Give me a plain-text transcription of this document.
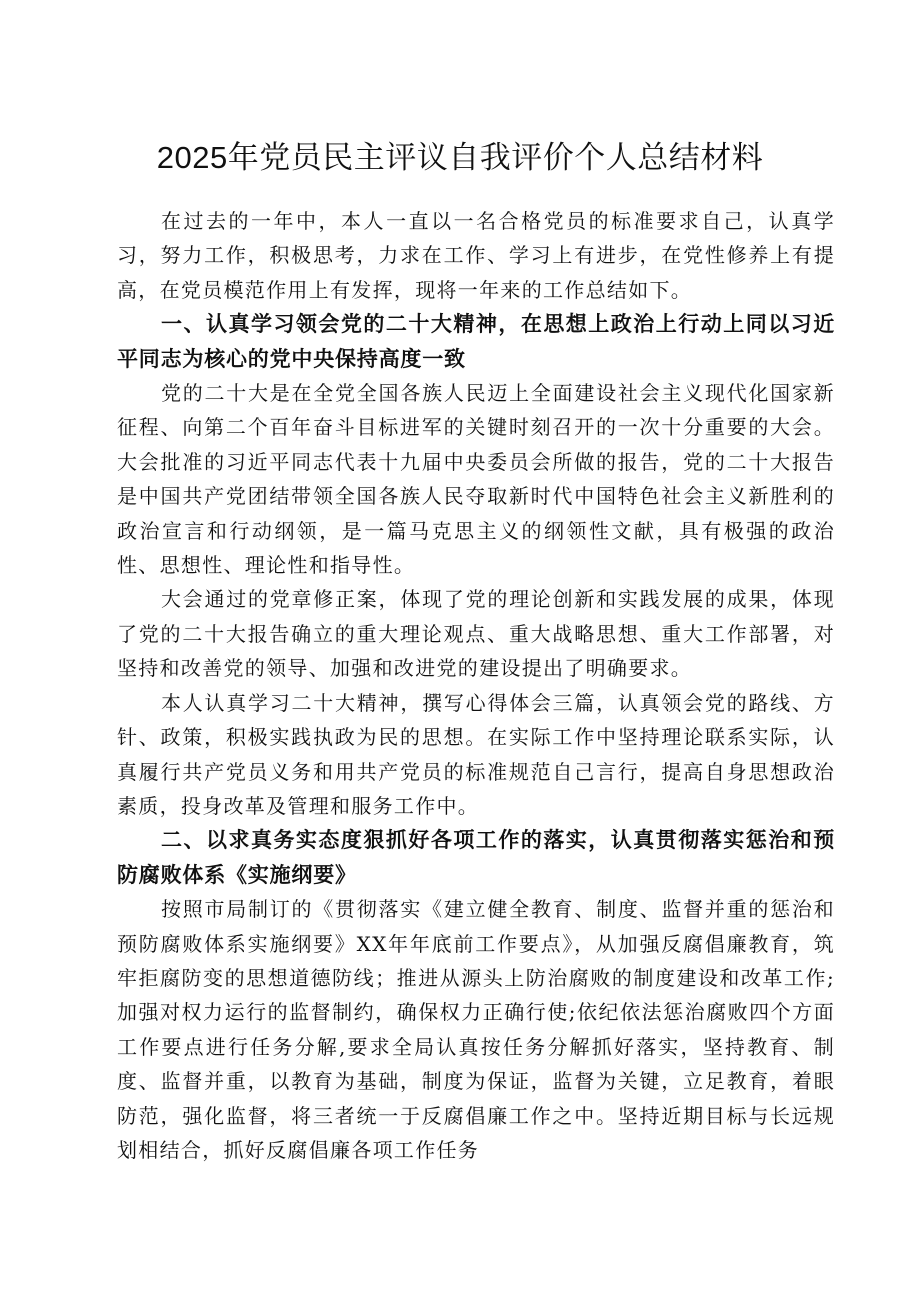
2025年党员民主评议自我评价个人总结材料

在过去的一年中，本人一直以一名合格党员的标准要求自己，认真学习，努力工作，积极思考，力求在工作、学习上有进步，在党性修养上有提高，在党员模范作用上有发挥，现将一年来的工作总结如下。

一、认真学习领会党的二十大精神，在思想上政治上行动上同以习近平同志为核心的党中央保持高度一致

党的二十大是在全党全国各族人民迈上全面建设社会主义现代化国家新征程、向第二个百年奋斗目标进军的关键时刻召开的一次十分重要的大会。大会批准的习近平同志代表十九届中央委员会所做的报告，党的二十大报告是中国共产党团结带领全国各族人民夺取新时代中国特色社会主义新胜利的政治宣言和行动纲领，是一篇马克思主义的纲领性文献，具有极强的政治性、思想性、理论性和指导性。

大会通过的党章修正案，体现了党的理论创新和实践发展的成果，体现了党的二十大报告确立的重大理论观点、重大战略思想、重大工作部署，对坚持和改善党的领导、加强和改进党的建设提出了明确要求。

本人认真学习二十大精神，撰写心得体会三篇，认真领会党的路线、方针、政策，积极实践执政为民的思想。在实际工作中坚持理论联系实际，认真履行共产党员义务和用共产党员的标准规范自己言行，提高自身思想政治素质，投身改革及管理和服务工作中。

二、以求真务实态度狠抓好各项工作的落实，认真贯彻落实惩治和预防腐败体系《实施纲要》

按照市局制订的《贯彻落实《建立健全教育、制度、监督并重的惩治和预防腐败体系实施纲要》XX年年底前工作要点》，从加强反腐倡廉教育，筑牢拒腐防变的思想道德防线；推进从源头上防治腐败的制度建设和改革工作;加强对权力运行的监督制约，确保权力正确行使;依纪依法惩治腐败四个方面工作要点进行任务分解,要求全局认真按任务分解抓好落实，坚持教育、制度、监督并重，以教育为基础，制度为保证，监督为关键，立足教育，着眼防范，强化监督，将三者统一于反腐倡廉工作之中。坚持近期目标与长远规划相结合，抓好反腐倡廉各项工作任务
